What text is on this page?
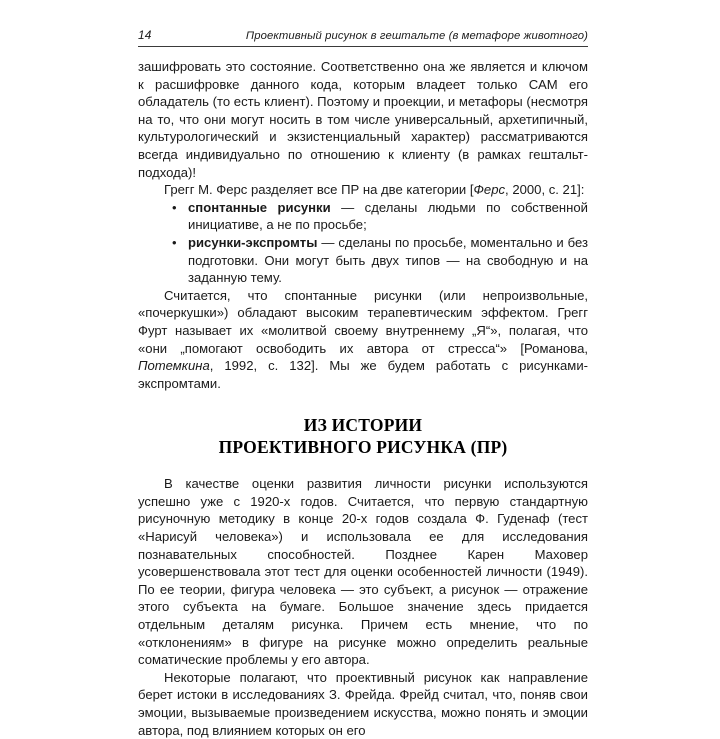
14	Проективный рисунок в гештальте (в метафоре животного)

зашифровать это состояние. Соответственно она же является и ключом к расшифровке данного кода, которым владеет только САМ его обладатель (то есть клиент). Поэтому и проекции, и метафоры (несмотря на то, что они могут носить в том числе универсальный, архетипичный, культурологический и экзистенциальный характер) рассматриваются всегда индивидуально по отношению к клиенту (в рамках гештальт-подхода)!

Грегг М. Ферс разделяет все ПР на две категории [Ферс, 2000, с. 21]:

• спонтанные рисунки — сделаны людьми по собственной инициативе, а не по просьбе;
• рисунки-экспромты — сделаны по просьбе, моментально и без подготовки. Они могут быть двух типов — на свободную и на заданную тему.

Считается, что спонтанные рисунки (или непроизвольные, «почеркушки») обладают высоким терапевтическим эффектом. Грегг Фурт называет их «молитвой своему внутреннему „Я“», полагая, что «они „помогают освободить их автора от стресса“» [Романова, Потемкина, 1992, с. 132]. Мы же будем работать с рисунками-экспромтами.

ИЗ ИСТОРИИ
ПРОЕКТИВНОГО РИСУНКА (ПР)

В качестве оценки развития личности рисунки используются успешно уже с 1920-х годов. Считается, что первую стандартную рисуночную методику в конце 20-х годов создала Ф. Гуденаф (тест «Нарисуй человека») и использовала ее для исследования познавательных способностей. Позднее Карен Маховер усовершенствовала этот тест для оценки особенностей личности (1949). По ее теории, фигура человека — это субъект, а рисунок — отражение этого субъекта на бумаге. Большое значение здесь придается отдельным деталям рисунка. Причем есть мнение, что по «отклонениям» в фигуре на рисунке можно определить реальные соматические проблемы у его автора.

Некоторые полагают, что проективный рисунок как направление берет истоки в исследованиях З. Фрейда. Фрейд считал, что, поняв свои эмоции, вызываемые произведением искусства, можно понять и эмоции автора, под влиянием которых он его
